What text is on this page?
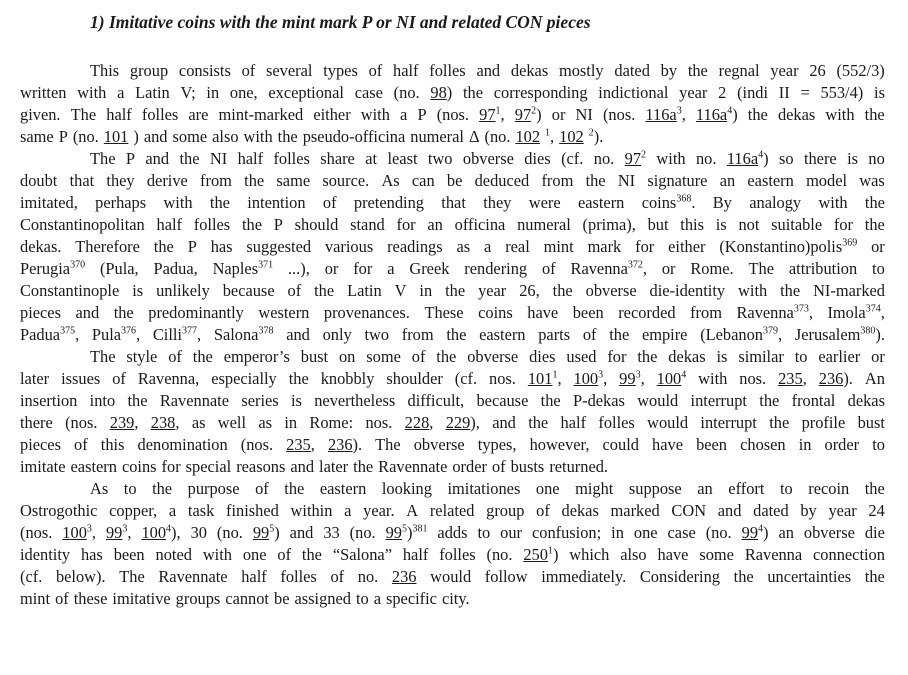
1) Imitative coins with the mint mark P or NI and related CON pieces
This group consists of several types of half folles and dekas mostly dated by the regnal year 26 (552/3)
written with a Latin V; in one, exceptional case (no. 98) the corresponding indictional year 2 (indi II = 553/4) is
given. The half folles are mint-marked either with a P (nos. $97^1$, $97^2$) or NI (nos. $116a^3$, $116a^4$) the dekas with the
same P (no. 101 ) and some also with the pseudo-officina numeral Δ (no. 102 $^1$, 102 $^2$).
The P and the NI half folles share at least two obverse dies (cf. no. $97^2$ with no. $116a^4$) so there is no
doubt that they derive from the same source. As can be deduced from the NI signature an eastern model was
imitated, perhaps with the intention of pretending that they were eastern coins$^{368}$. By analogy with the
Constantinopolitan half folles the P should stand for an officina numeral (prima), but this is not suitable for the
dekas. Therefore the P has suggested various readings as a real mint mark for either (Konstantino)polis$^{369}$ or
Perugia$^{370}$ (Pula, Padua, Naples$^{371}$ ...), or for a Greek rendering of Ravenna$^{372}$, or Rome. The attribution to
Constantinople is unlikely because of the Latin V in the year 26, the obverse die-identity with the NI-marked
pieces and the predominantly western provenances. These coins have been recorded from Ravenna$^{373}$, Imola$^{374}$,
Padua$^{375}$, Pula$^{376}$, Cilli$^{377}$, Salona$^{378}$ and only two from the eastern parts of the empire (Lebanon$^{379}$, Jerusalem$^{380}$).
The style of the emperor’s bust on some of the obverse dies used for the dekas is similar to earlier or
later issues of Ravenna, especially the knobbly shoulder (cf. nos. $101^1$, $100^3$, $99^3$, $100^4$ with nos. 235, 236). An
insertion into the Ravennate series is nevertheless difficult, because the P-dekas would interrupt the frontal dekas
there (nos. 239, 238, as well as in Rome: nos. 228, 229), and the half folles would interrupt the profile bust
pieces of this denomination (nos. 235, 236). The obverse types, however, could have been chosen in order to
imitate eastern coins for special reasons and later the Ravennate order of busts returned.
As to the purpose of the eastern looking imitationes one might suppose an effort to recoin the
Ostrogothic copper, a task finished within a year. A related group of dekas marked CON and dated by year 24
(nos. $100^3$, $99^3$, $100^4$), 30 (no. $99^5$) and 33 (no. $99^5)^{381}$ adds to our confusion; in one case (no. $99^4$) an obverse die
identity has been noted with one of the “Salona” half folles (no. $250^1$) which also have some Ravenna connection
(cf. below). The Ravennate half folles of no. 236 would follow immediately. Considering the uncertainties the
mint of these imitative groups cannot be assigned to a specific city.
